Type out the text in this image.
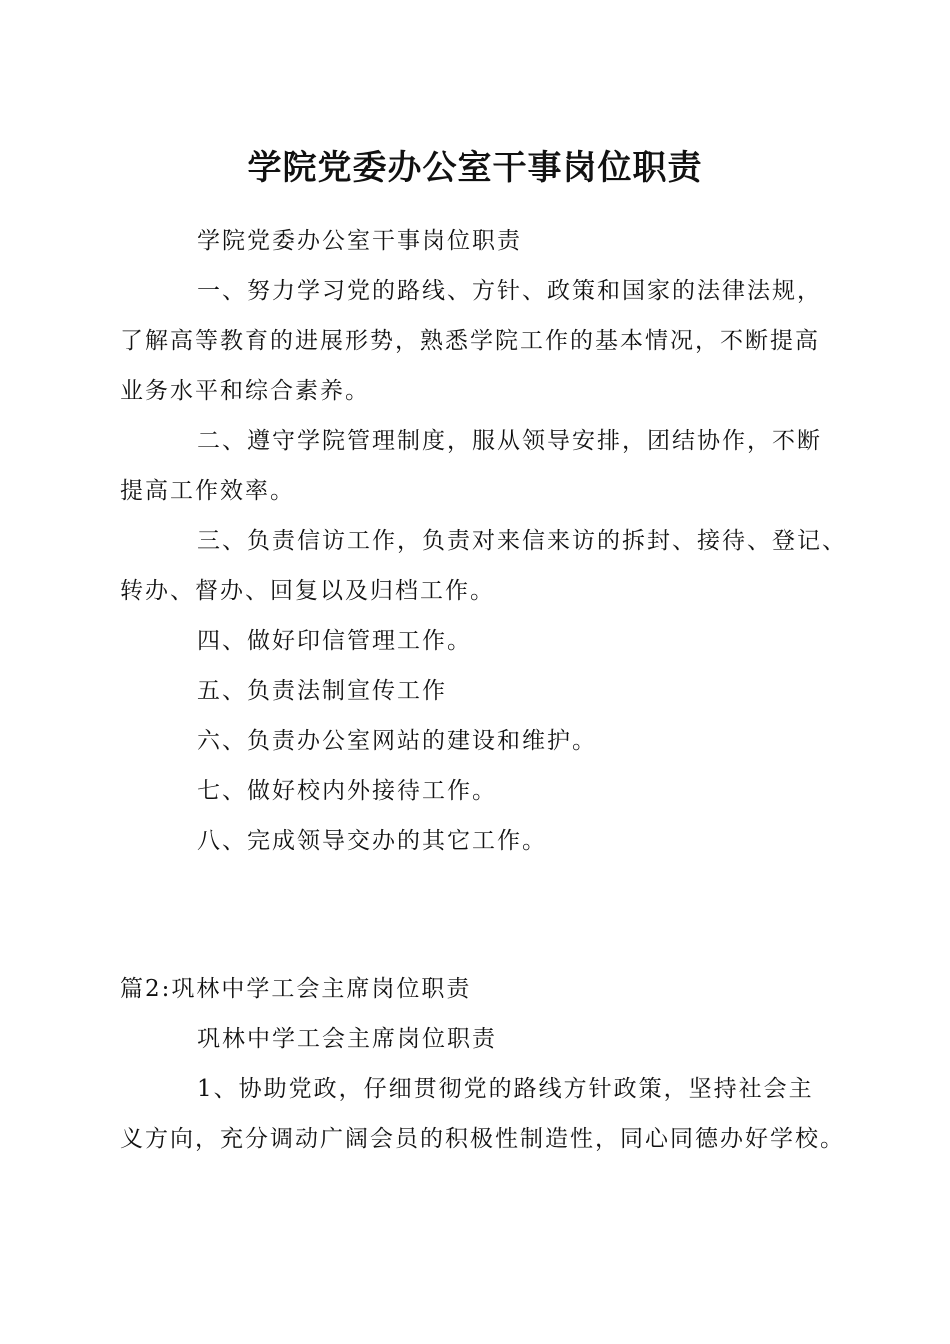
学院党委办公室干事岗位职责
学院党委办公室干事岗位职责
一、努力学习党的路线、方针、政策和国家的法律法规，
了解高等教育的进展形势，熟悉学院工作的基本情况，不断提高
业务水平和综合素养。
二、遵守学院管理制度，服从领导安排，团结协作，不断
提高工作效率。
三、负责信访工作，负责对来信来访的拆封、接待、登记、
转办、督办、回复以及归档工作。
四、做好印信管理工作。
五、负责法制宣传工作
六、负责办公室网站的建设和维护。
七、做好校内外接待工作。
八、完成领导交办的其它工作。
篇2:巩林中学工会主席岗位职责
巩林中学工会主席岗位职责
1、协助党政，仔细贯彻党的路线方针政策，坚持社会主
义方向，充分调动广阔会员的积极性制造性，同心同德办好学校。
